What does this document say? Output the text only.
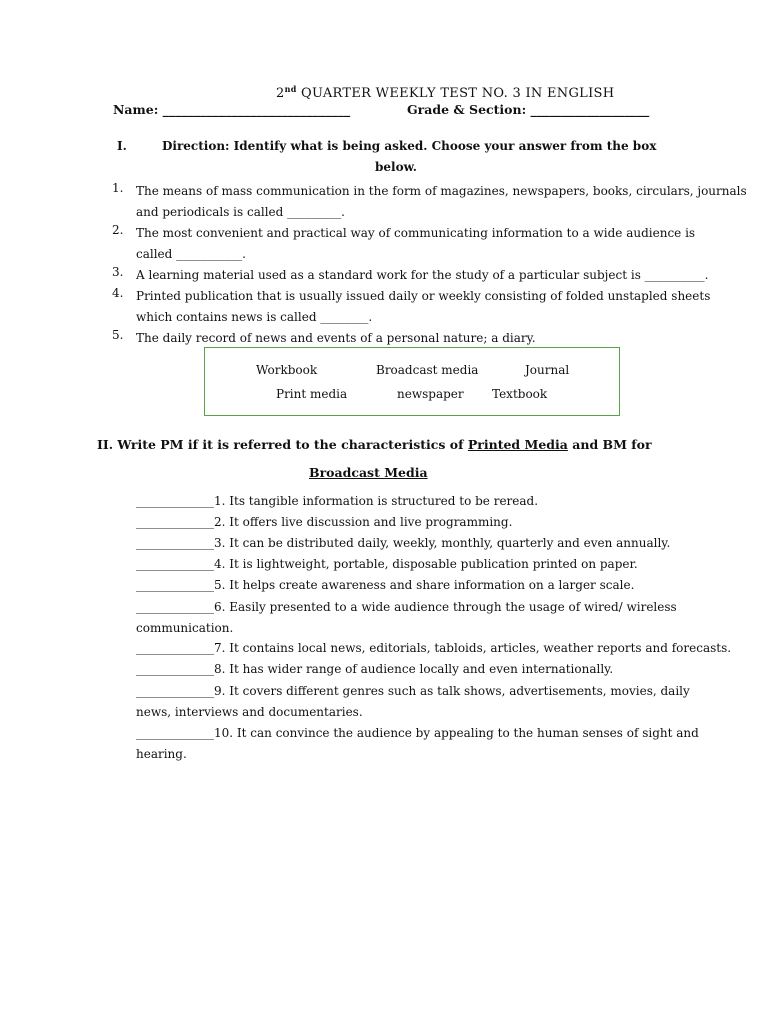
2nd QUARTER WEEKLY TEST NO. 3 IN ENGLISH
Name: ______________________________	Grade & Section: ___________________
I.	Direction: Identify what is being asked. Choose your answer from the box
below.
1. The means of mass communication in the form of magazines, newspapers, books, circulars, journals
and periodicals is called _________.
2. The most convenient and practical way of communicating information to a wide audience is
called ___________.
3. A learning material used as a standard work for the study of a particular subject is __________.
4. Printed publication that is usually issued daily or weekly consisting of folded unstapled sheets
which contains news is called ________.
5. The daily record of news and events of a personal nature; a diary.
Workbook	Broadcast media	Journal
Print media	newspaper Textbook
II. Write PM if it is referred to the characteristics of Printed Media and BM for
Broadcast Media
_____________1. Its tangible information is structured to be reread.
_____________2. It offers live discussion and live programming.
_____________3. It can be distributed daily, weekly, monthly, quarterly and even annually.
_____________4. It is lightweight, portable, disposable publication printed on paper.
_____________5. It helps create awareness and share information on a larger scale.
_____________6. Easily presented to a wide audience through the usage of wired/ wireless
communication.
_____________7. It contains local news, editorials, tabloids, articles, weather reports and forecasts.
_____________8. It has wider range of audience locally and even internationally.
_____________9. It covers different genres such as talk shows, advertisements, movies, daily
news, interviews and documentaries.
_____________10. It can convince the audience by appealing to the human senses of sight and
hearing.
